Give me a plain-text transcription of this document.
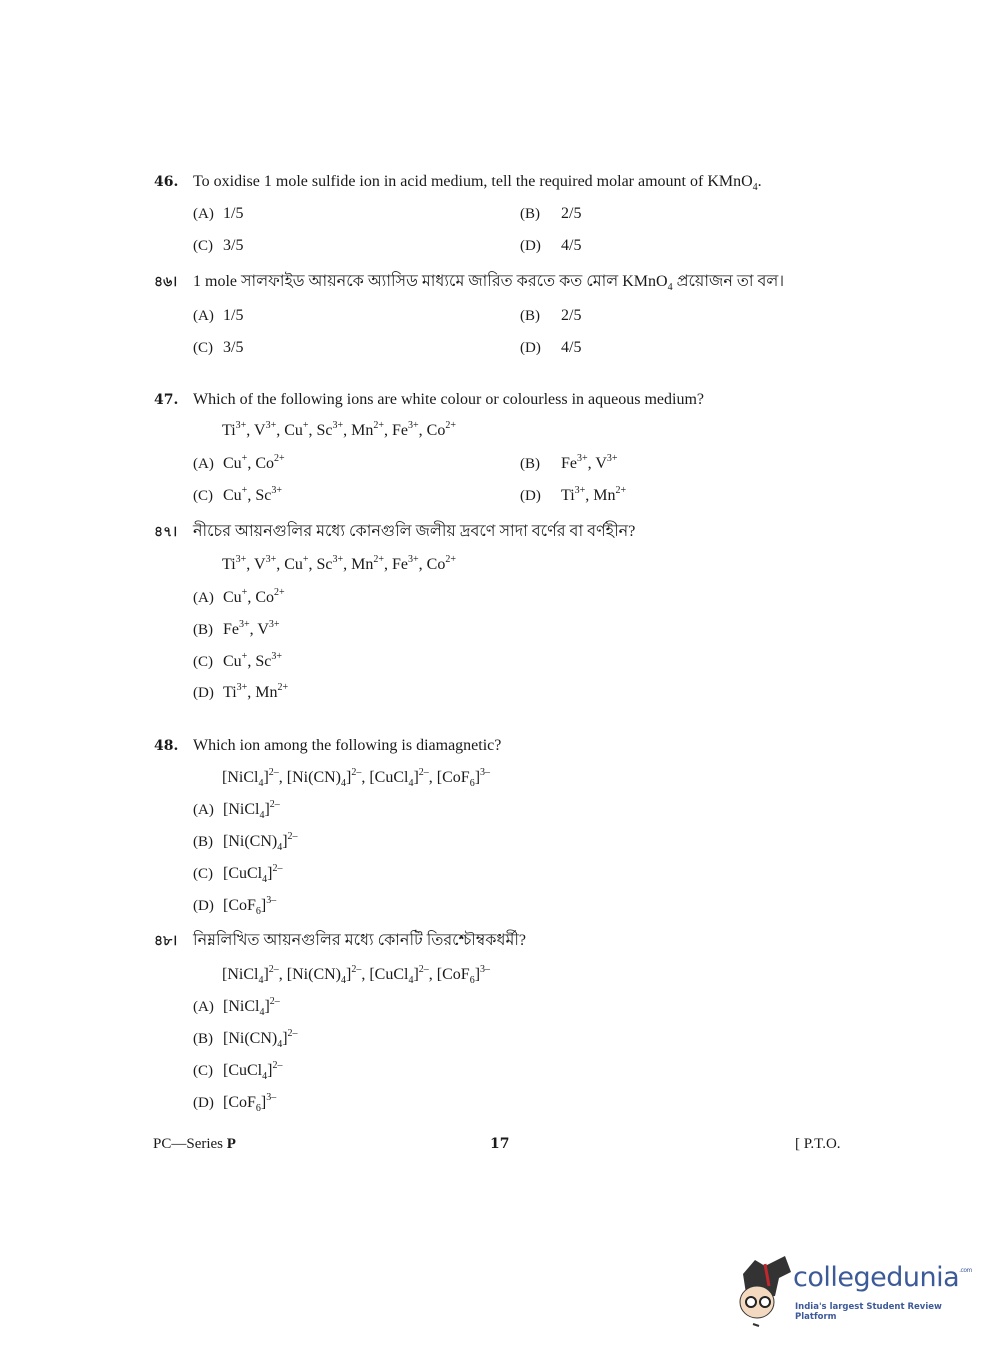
46. To oxidise 1 mole sulfide ion in acid medium, tell the required molar amount of KMnO$_4$.
(A) 1/5	(B) 2/5
(C) 3/5	(D) 4/5
৪৬। 1 mole সালফাইড আয়নকে অ্যাসিড মাধ্যমে জারিত করতে কত মোল KMnO$_4$ প্রয়োজন তা বল।
(A) 1/5	(B) 2/5
(C) 3/5	(D) 4/5
47. Which of the following ions are white colour or colourless in aqueous medium?
$Ti^{3+}$, $V^{3+}$, Cu+, $Sc^{3+}$, $Mn^{2+}$, $Fe^{3+}$, $Co^{2+}$
(A) Cu+, $Co^{2+}$	(B) $Fe^{3+}$, $V^{3+}$
(C) Cu+, $Sc^{3+}$	(D) $Ti^{3+}$, $Mn^{2+}$
৪৭। নীচের আয়নগুলির মধ্যে কোনগুলি জলীয় দ্রবণে সাদা বর্ণের বা বর্ণহীন?
$Ti^{3+}$, $V^{3+}$, Cu+, $Sc^{3+}$, $Mn^{2+}$, $Fe^{3+}$, $Co^{2+}$
(A) Cu+, $Co^{2+}$
(B) $Fe^{3+}$, $V^{3+}$
(C) Cu+, $Sc^{3+}$
(D) $Ti^{3+}$, $Mn^{2+}$
48. Which ion among the following is diamagnetic?
[NiCl$_4$]$^{2-}$, $[Ni(CN)_4]^{2-}$, [CuCl$_4$]$^{2-}$, $[CoF_6]^{3-}$
(A) [NiCl$_4$]$^{2-}$
(B) $[Ni(CN)_4]^{2-}$
(C) [CuCl$_4$]$^{2-}$
(D) $[CoF_6]^{3-}$
৪৮। নিম্নলিখিত আয়নগুলির মধ্যে কোনটি তিরশ্চৌম্বকধর্মী?
[NiCl$_4$]$^{2-}$, $[Ni(CN)_4]^{2-}$, [CuCl$_4$]$^{2-}$, $[CoF_6]^{3-}$
(A) [NiCl$_4$]$^{2-}$
(B) $[Ni(CN)_4]^{2-}$
(C) [CuCl$_4$]$^{2-}$
(D) $[CoF_6]^{3-}$
PC—Series P	17	[ P.T.O.
collegedunia$^{.com}$
India's largest Student Review Platform
